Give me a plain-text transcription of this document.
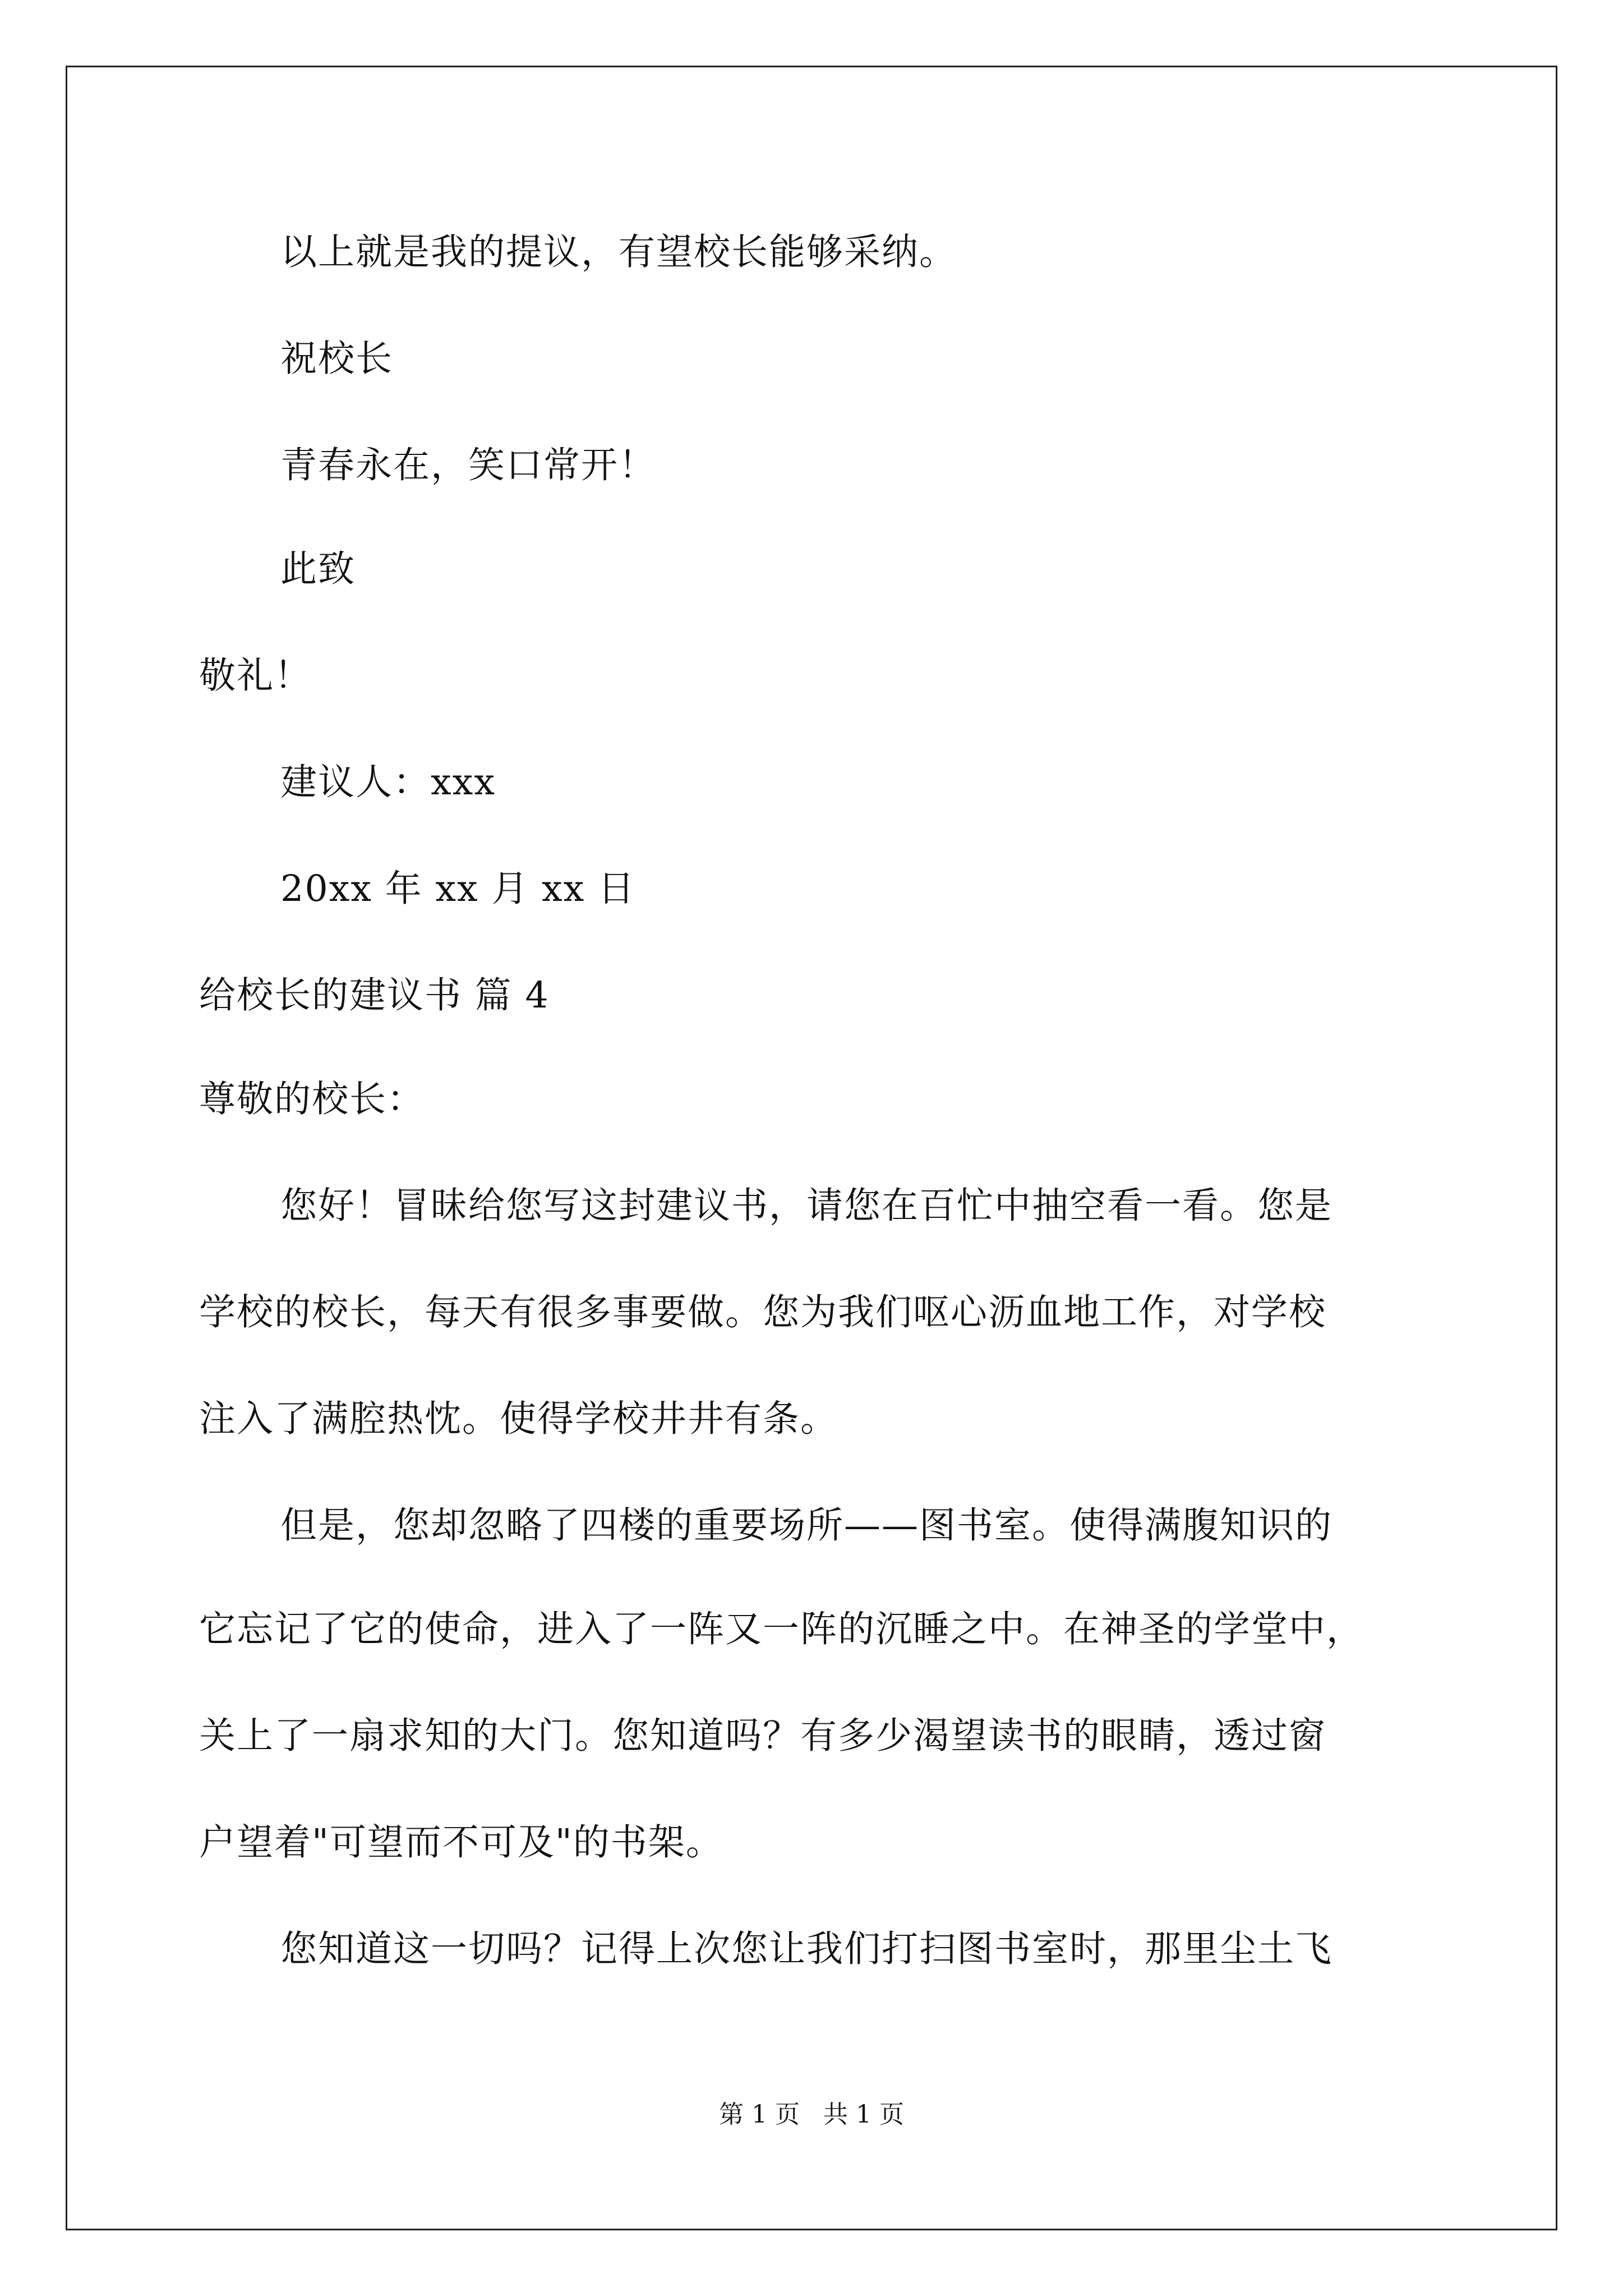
以上就是我的提议，有望校长能够采纳。
祝校长
青春永在，笑口常开！
此致
敬礼！
建议人：xxx
20xx 年 xx 月 xx 日
给校长的建议书 篇 4
尊敬的校长：
您好！冒昧给您写这封建议书，请您在百忙中抽空看一看。您是
学校的校长，每天有很多事要做。您为我们呕心沥血地工作，对学校
注入了满腔热忱。使得学校井井有条。
但是，您却忽略了四楼的重要场所——图书室。使得满腹知识的
它忘记了它的使命，进入了一阵又一阵的沉睡之中。在神圣的学堂中，
关上了一扇求知的大门。您知道吗？有多少渴望读书的眼睛，透过窗
户望着"可望而不可及"的书架。
您知道这一切吗？记得上次您让我们打扫图书室时，那里尘土飞
第 1 页   共 1 页
